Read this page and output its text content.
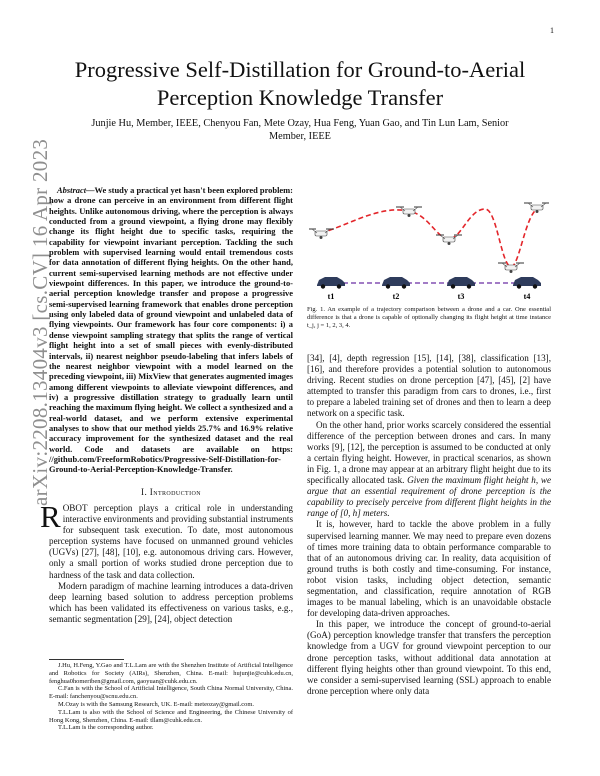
1
arXiv:2208.13404v3 [cs.CV] 16 Apr 2023
Progressive Self-Distillation for Ground-to-Aerial Perception Knowledge Transfer
Junjie Hu, Member, IEEE, Chenyou Fan, Mete Ozay, Hua Feng, Yuan Gao, and Tin Lun Lam, Senior Member, IEEE

Abstract—We study a practical yet hasn't been explored problem: how a drone can perceive in an environment from different flight heights. Unlike autonomous driving, where the perception is always conducted from a ground viewpoint, a flying drone may flexibly change its flight height due to specific tasks, requiring the capability for viewpoint invariant perception. Tackling the such problem with supervised learning would entail tremendous costs for data annotation of different flying heights. On the other hand, current semi-supervised learning methods are not effective under viewpoint differences. In this paper, we introduce the ground-to-aerial perception knowledge transfer and propose a progressive semi-supervised learning framework that enables drone perception using only labeled data of ground viewpoint and unlabeled data of flying viewpoints. Our framework has four core components: i) a dense viewpoint sampling strategy that splits the range of vertical flight height into a set of small pieces with evenly-distributed intervals, ii) nearest neighbor pseudo-labeling that infers labels of the nearest neighbor viewpoint with a model learned on the preceding viewpoint, iii) MixView that generates augmented images among different viewpoints to alleviate viewpoint differences, and iv) a progressive distillation strategy to gradually learn until reaching the maximum flying height. We collect a synthesized and a real-world dataset, and we perform extensive experimental analyses to show that our method yields 25.7% and 16.9% relative accuracy improvement for the synthesized dataset and the real world. Code and datasets are available on https: //github.com/FreeformRobotics/Progressive-Self-Distillation-for-Ground-to-Aerial-Perception-Knowledge-Transfer.

I. Introduction

ROBOT perception plays a critical role in understanding interactive environments and providing substantial instruments for subsequent task execution. To date, most autonomous perception systems have focused on unmanned ground vehicles (UGVs) [27], [48], [10], e.g. autonomous driving cars. However, only a small portion of works studied drone perception due to hardness of the task and data collection.

Modern paradigm of machine learning introduces a data-driven deep learning based solution to address perception problems which has been validated its effectiveness on various tasks, e.g., semantic segmentation [29], [24], object detection

J.Hu, H.Feng, Y.Gao and T.L.Lam are with the Shenzhen Institute of Artificial Intelligence and Robotics for Society (AIRs), Shenzhen, China. E-mail: hujunjie@cuhk.edu.cn, fenghua0homeriben@gmail.com, gaoyuan@cuhk.edu.cn.

C.Fan is with the School of Artificial Intelligence, South China Normal University, China. E-mail: fanchenyou@scnu.edu.cn.

M.Ozay is with the Samsung Research, UK. E-mail: meteozay@gmail.com.

T.L.Lam is also with the School of Science and Engineering, the Chinese University of Hong Kong, Shenzhen, China. E-mail: tllam@cuhk.edu.cn.

T.L.Lam is the corresponding author.

t1	t2	t3	t4
Fig. 1. An example of a trajectory comparison between a drone and a car. One essential difference is that a drone is capable of optionally changing its flight height at time instance t_j, j = 1, 2, 3, 4.

[34], [4], depth regression [15], [14], [38], classification [13], [16], and therefore provides a potential solution to autonomous driving. Recent studies on drone perception [47], [45], [2] have attempted to transfer this paradigm from cars to drones, i.e., first to prepare a labeled training set of drones and then to learn a deep network on a specific task.

On the other hand, prior works scarcely considered the essential difference of the perception between drones and cars. In many works [9], [12], the perception is assumed to be conducted at only a certain flying height. However, in practical scenarios, as shown in Fig. 1, a drone may appear at an arbitrary flight height due to its specifically allocated task. Given the maximum flight height h, we argue that an essential requirement of drone perception is the capability to precisely perceive from different flight heights in the range of [0, h] meters.

It is, however, hard to tackle the above problem in a fully supervised learning manner. We may need to prepare even dozens of times more training data to obtain performance comparable to that of an autonomous driving car. In reality, data acquisition of ground truths is both costly and time-consuming. For instance, robot vision tasks, including object detection, semantic segmentation, and classification, require annotation of RGB images to be manual labeling, which is an unavoidable obstacle for developing data-driven approaches.

In this paper, we introduce the concept of ground-to-aerial (GoA) perception knowledge transfer that transfers the perception knowledge from a UGV for ground viewpoint perception to our drone perception tasks, without additional data annotation at different flying heights other than ground viewpoint. To this end, we consider a semi-supervised learning (SSL) approach to enable drone perception where only data
